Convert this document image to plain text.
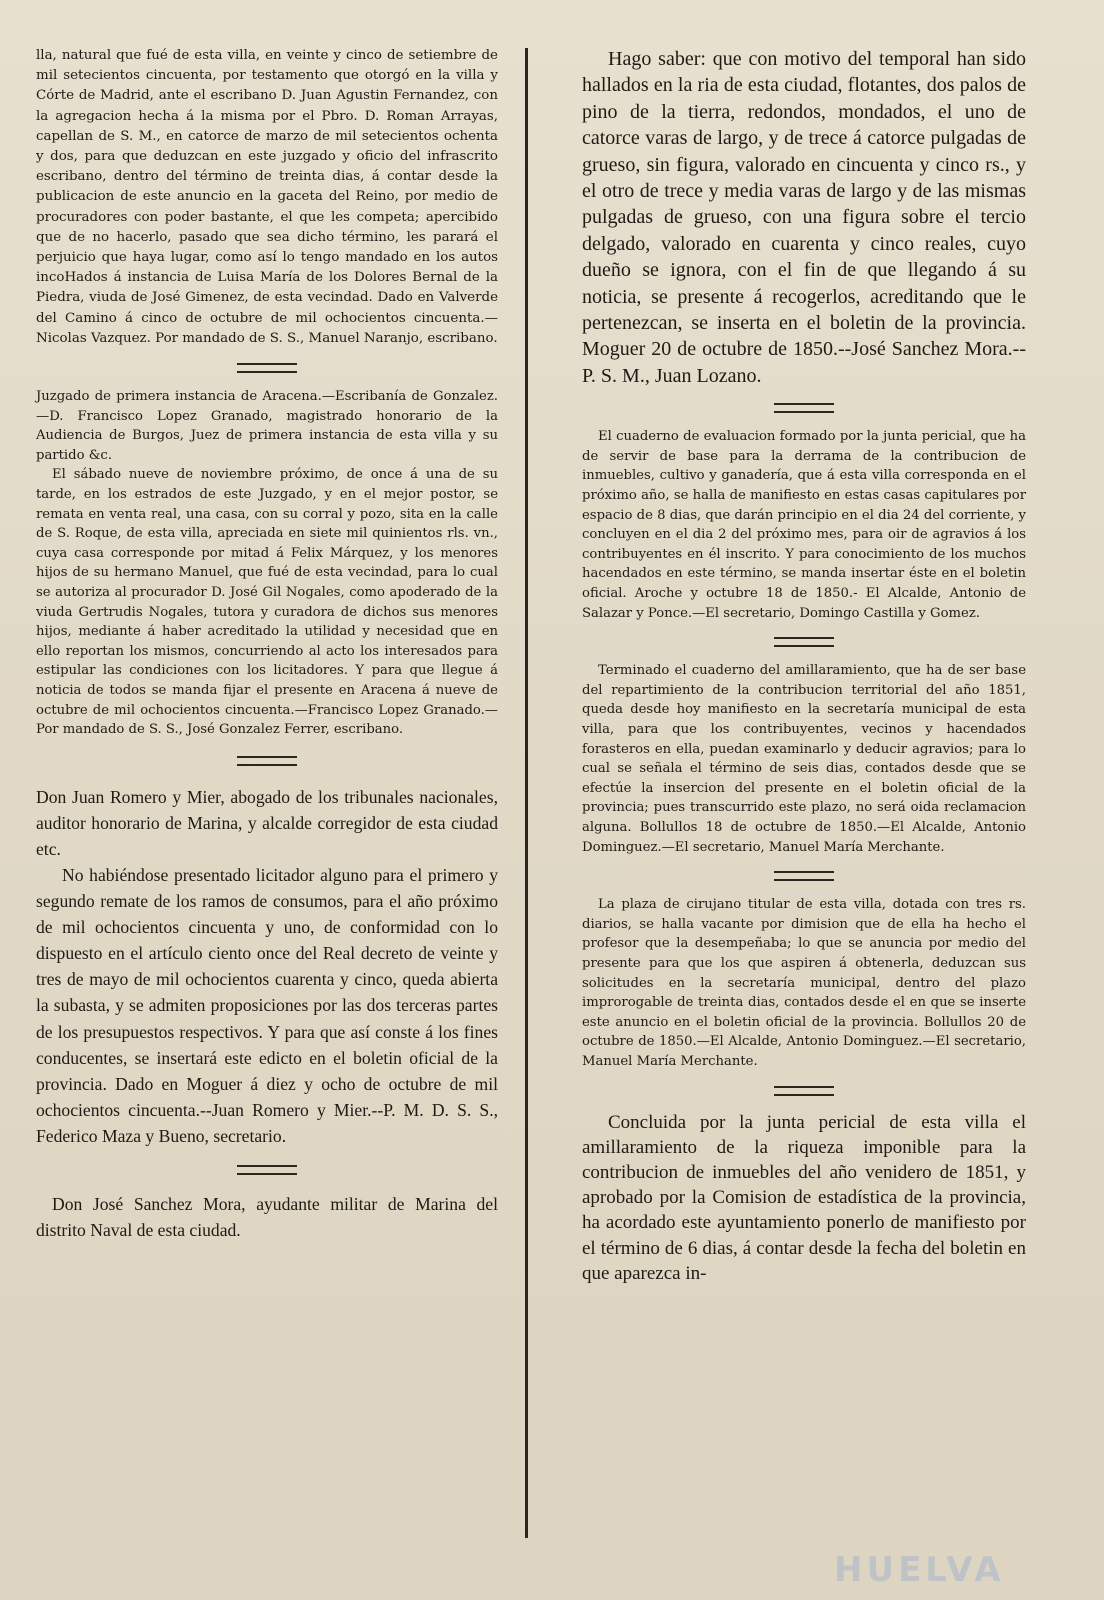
lla, natural que fué de esta villa, en veinte y cinco de setiembre de mil setecientos cincuenta, por testamento que otorgó en la villa y Córte de Madrid, ante el escribano D. Juan Agustin Fernandez, con la agregacion hecha á la misma por el Pbro. D. Roman Arrayas, capellan de S. M., en catorce de marzo de mil setecientos ochenta y dos, para que deduzcan en este juzgado y oficio del infrascrito escribano, dentro del término de treinta dias, á contar desde la publicacion de este anuncio en la gaceta del Reino, por medio de procuradores con poder bastante, el que les competa; apercibido que de no hacerlo, pasado que sea dicho término, les parará el perjuicio que haya lugar, como así lo tengo mandado en los autos incoHados á instancia de Luisa María de los Dolores Bernal de la Piedra, viuda de José Gimenez, de esta vecindad. Dado en Valverde del Camino á cinco de octubre de mil ochocientos cincuenta.—Nicolas Vazquez. Por mandado de S. S., Manuel Naranjo, escribano.

Juzgado de primera instancia de Aracena.—Escribanía de Gonzalez.—D. Francisco Lopez Granado, magistrado honorario de la Audiencia de Burgos, Juez de primera instancia de esta villa y su partido &c.

El sábado nueve de noviembre próximo, de once á una de su tarde, en los estrados de este Juzgado, y en el mejor postor, se remata en venta real, una casa, con su corral y pozo, sita en la calle de S. Roque, de esta villa, apreciada en siete mil quinientos rls. vn., cuya casa corresponde por mitad á Felix Márquez, y los menores hijos de su hermano Manuel, que fué de esta vecindad, para lo cual se autoriza al procurador D. José Gil Nogales, como apoderado de la viuda Gertrudis Nogales, tutora y curadora de dichos sus menores hijos, mediante á haber acreditado la utilidad y necesidad que en ello reportan los mismos, concurriendo al acto los interesados para estipular las condiciones con los licitadores. Y para que llegue á noticia de todos se manda fijar el presente en Aracena á nueve de octubre de mil ochocientos cincuenta.—Francisco Lopez Granado.—Por mandado de S. S., José Gonzalez Ferrer, escribano.

Don Juan Romero y Mier, abogado de los tribunales nacionales, auditor honorario de Marina, y alcalde corregidor de esta ciudad etc.

No habiéndose presentado licitador alguno para el primero y segundo remate de los ramos de consumos, para el año próximo de mil ochocientos cincuenta y uno, de conformidad con lo dispuesto en el artículo ciento once del Real decreto de veinte y tres de mayo de mil ochocientos cuarenta y cinco, queda abierta la subasta, y se admiten proposiciones por las dos terceras partes de los presupuestos respectivos. Y para que así conste á los fines conducentes, se insertará este edicto en el boletin oficial de la provincia. Dado en Moguer á diez y ocho de octubre de mil ochocientos cincuenta.--Juan Romero y Mier.--P. M. D. S. S., Federico Maza y Bueno, secretario.

Don José Sanchez Mora, ayudante militar de Marina del distrito Naval de esta ciudad.

Hago saber: que con motivo del temporal han sido hallados en la ria de esta ciudad, flotantes, dos palos de pino de la tierra, redondos, mondados, el uno de catorce varas de largo, y de trece á catorce pulgadas de grueso, sin figura, valorado en cincuenta y cinco rs., y el otro de trece y media varas de largo y de las mismas pulgadas de grueso, con una figura sobre el tercio delgado, valorado en cuarenta y cinco reales, cuyo dueño se ignora, con el fin de que llegando á su noticia, se presente á recogerlos, acreditando que le pertenezcan, se inserta en el boletin de la provincia. Moguer 20 de octubre de 1850.--José Sanchez Mora.--P. S. M., Juan Lozano.

El cuaderno de evaluacion formado por la junta pericial, que ha de servir de base para la derrama de la contribucion de inmuebles, cultivo y ganadería, que á esta villa corresponda en el próximo año, se halla de manifiesto en estas casas capitulares por espacio de 8 dias, que darán principio en el dia 24 del corriente, y concluyen en el dia 2 del próximo mes, para oir de agravios á los contribuyentes en él inscrito. Y para conocimiento de los muchos hacendados en este término, se manda insertar éste en el boletin oficial. Aroche y octubre 18 de 1850.- El Alcalde, Antonio de Salazar y Ponce.—El secretario, Domingo Castilla y Gomez.

Terminado el cuaderno del amillaramiento, que ha de ser base del repartimiento de la contribucion territorial del año 1851, queda desde hoy manifiesto en la secretaría municipal de esta villa, para que los contribuyentes, vecinos y hacendados forasteros en ella, puedan examinarlo y deducir agravios; para lo cual se señala el término de seis dias, contados desde que se efectúe la insercion del presente en el boletin oficial de la provincia; pues transcurrido este plazo, no será oida reclamacion alguna. Bollullos 18 de octubre de 1850.—El Alcalde, Antonio Dominguez.—El secretario, Manuel María Merchante.

La plaza de cirujano titular de esta villa, dotada con tres rs. diarios, se halla vacante por dimision que de ella ha hecho el profesor que la desempeñaba; lo que se anuncia por medio del presente para que los que aspiren á obtenerla, deduzcan sus solicitudes en la secretaría municipal, dentro del plazo improrogable de treinta dias, contados desde el en que se inserte este anuncio en el boletin oficial de la provincia. Bollullos 20 de octubre de 1850.—El Alcalde, Antonio Dominguez.—El secretario, Manuel María Merchante.

Concluida por la junta pericial de esta villa el amillaramiento de la riqueza imponible para la contribucion de inmuebles del año venidero de 1851, y aprobado por la Comision de estadística de la provincia, ha acordado este ayuntamiento ponerlo de manifiesto por el término de 6 dias, á contar desde la fecha del boletin en que aparezca in-

HUELVA
